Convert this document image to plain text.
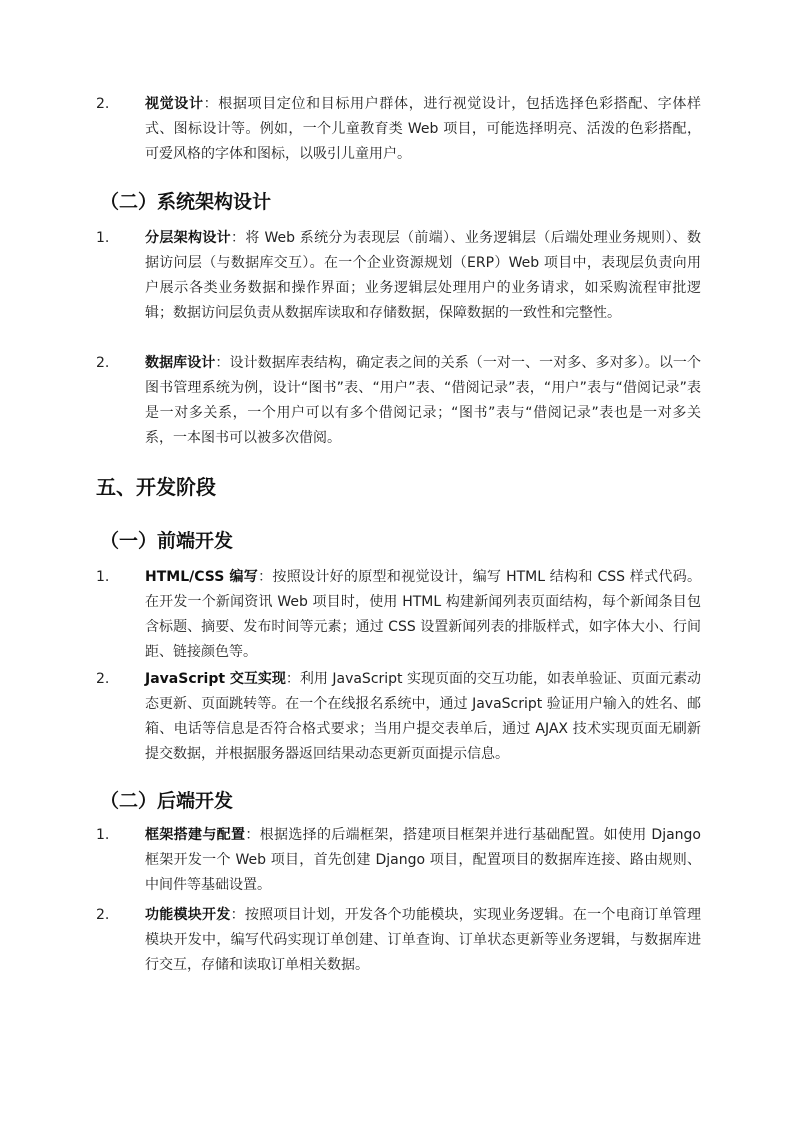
2.	视觉设计：根据项目定位和目标用户群体，进行视觉设计，包括选择色彩搭配、字体样式、图标设计等。例如，一个儿童教育类 Web 项目，可能选择明亮、活泼的色彩搭配，可爱风格的字体和图标，以吸引儿童用户。
（二）系统架构设计
1.	分层架构设计：将 Web 系统分为表现层（前端）、业务逻辑层（后端处理业务规则）、数据访问层（与数据库交互）。在一个企业资源规划（ERP）Web 项目中，表现层负责向用户展示各类业务数据和操作界面；业务逻辑层处理用户的业务请求，如采购流程审批逻辑；数据访问层负责从数据库读取和存储数据，保障数据的一致性和完整性。
2.	数据库设计：设计数据库表结构，确定表之间的关系（一对一、一对多、多对多）。以一个图书管理系统为例，设计“图书”表、“用户”表、“借阅记录”表，“用户”表与“借阅记录”表是一对多关系，一个用户可以有多个借阅记录；“图书”表与“借阅记录”表也是一对多关系，一本图书可以被多次借阅。
五、开发阶段
（一）前端开发
1.	HTML/CSS 编写：按照设计好的原型和视觉设计，编写 HTML 结构和 CSS 样式代码。在开发一个新闻资讯 Web 项目时，使用 HTML 构建新闻列表页面结构，每个新闻条目包含标题、摘要、发布时间等元素；通过 CSS 设置新闻列表的排版样式，如字体大小、行间距、链接颜色等。
2.	JavaScript 交互实现：利用 JavaScript 实现页面的交互功能，如表单验证、页面元素动态更新、页面跳转等。在一个在线报名系统中，通过 JavaScript 验证用户输入的姓名、邮箱、电话等信息是否符合格式要求；当用户提交表单后，通过 AJAX 技术实现页面无刷新提交数据，并根据服务器返回结果动态更新页面提示信息。
（二）后端开发
1.	框架搭建与配置：根据选择的后端框架，搭建项目框架并进行基础配置。如使用 Django 框架开发一个 Web 项目，首先创建 Django 项目，配置项目的数据库连接、路由规则、中间件等基础设置。
2.	功能模块开发：按照项目计划，开发各个功能模块，实现业务逻辑。在一个电商订单管理模块开发中，编写代码实现订单创建、订单查询、订单状态更新等业务逻辑，与数据库进行交互，存储和读取订单相关数据。
